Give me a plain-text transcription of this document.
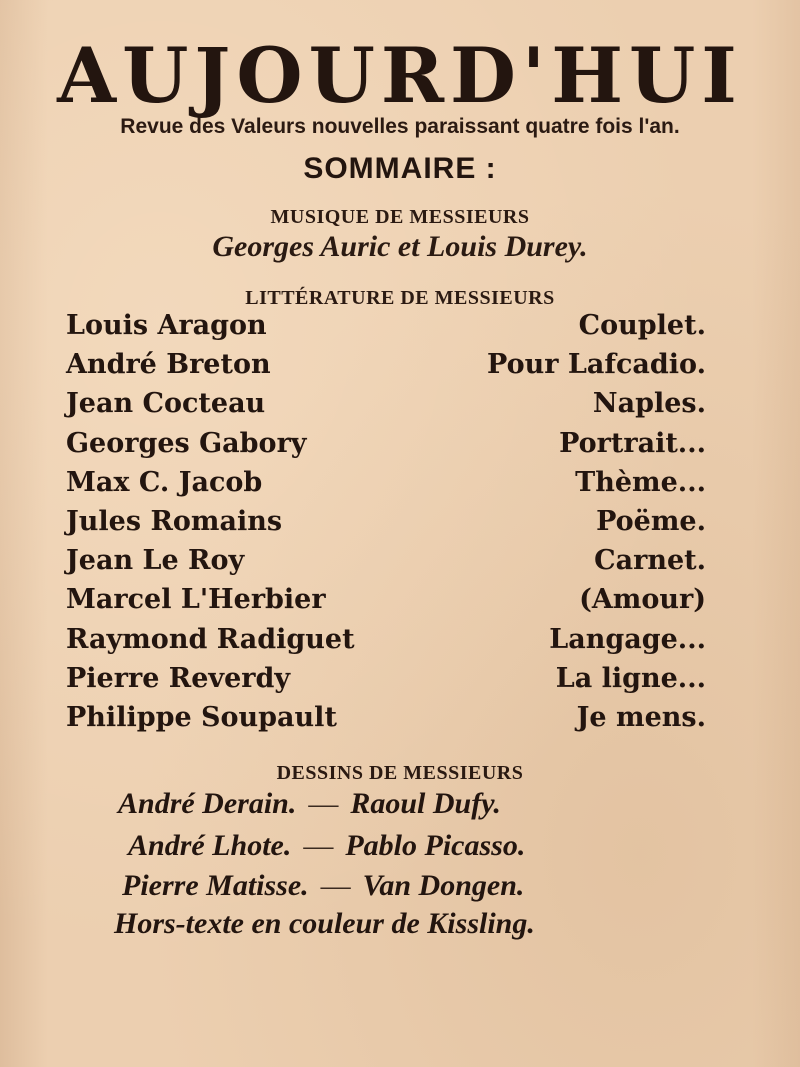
AUJOURD'HUI
Revue des Valeurs nouvelles paraissant quatre fois l'an.
SOMMAIRE :
MUSIQUE DE MESSIEURS
Georges Auric et Louis Durey.
LITTÉRATURE DE MESSIEURS
Louis Aragon	Couplet.
André Breton	Pour Lafcadio.
Jean Cocteau	Naples.
Georges Gabory	Portrait...
Max C. Jacob	Thème...
Jules Romains	Poëme.
Jean Le Roy	Carnet.
Marcel L'Herbier	(Amour)
Raymond Radiguet	Langage...
Pierre Reverdy	La ligne...
Philippe Soupault	Je mens.
DESSINS DE MESSIEURS
André Derain. — Raoul Dufy.
André Lhote. — Pablo Picasso.
Pierre Matisse. — Van Dongen.
Hors-texte en couleur de Kissling.
